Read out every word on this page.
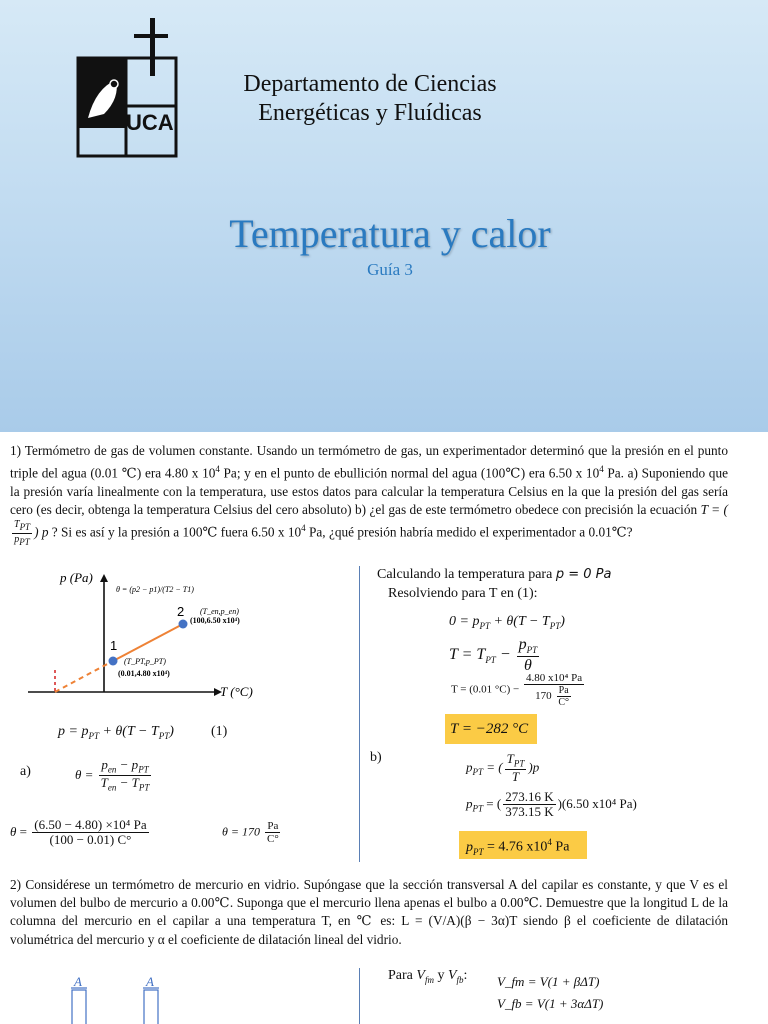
UCA
Departamento de Ciencias Energéticas y Fluídicas
Temperatura y calor
Guía 3
1) Termómetro de gas de volumen constante. Usando un termómetro de gas, un experimentador determinó que la presión en el punto triple del agua (0.01 ℃) era 4.80 x $10^4$ Pa; y en el punto de ebullición normal del agua (100℃) era 6.50 x $10^4$ Pa. a) Suponiendo que la presión varía linealmente con la temperatura, use estos datos para calcular la temperatura Celsius en la que la presión del gas sería cero (es decir, obtenga la temperatura Celsius del cero absoluto) b) ¿el gas de este termómetro obedece con precisión la ecuación T = (
$\frac{T_{PT}}{p_{PT}}$ ) p ? Si es así y la presión a 100℃ fuera 6.50 x $10^4$ Pa, ¿qué presión habría medido el experimentador a 0.01℃?
p (Pa)
T (°C)
1
2
(T_PT,p_PT)
(0.01,4.80 x10⁴)
(T_en,p_en)
(100,6.50 x10⁴)
θ = (p2 − p1)/(T2 − T1)
$p = p_{PT} + \theta(T - T_{PT})$	(1)
a)	$\theta = \frac{p_{en} - p_{PT}}{T_{en} - T_{PT}}$
$\theta = \frac{\text{(6.50 − 4.80) ×10⁴ Pa}}{(100 - 0.01) C^\circ}$	$\theta = 170 \frac{Pa}{C^\circ}$
Calculando la temperatura para p = 0 Pa
Resolviendo para T en (1):
$0 = p_{PT} + \theta(T - T_{PT})$
$T = T_{PT} - \frac{p_{PT}}{\theta}$
T = (0.01 $^\circ C) - \frac{\text{4.80 x10⁴ Pa}}{170 \frac{Pa}{C^\circ}}$
T = −282 °C
b)
$p_{PT}$ = ( $\frac{T_{PT}}{T} )p$
$p_{PT}$ = ( $\frac{273.16 K}{373.15 K} )(6.50$ x10⁴ Pa)
$p_{PT} = 4.76$ $x10^4$ Pa
2) Considérese un termómetro de mercurio en vidrio. Supóngase que la sección transversal A del capilar es constante, y que V es el volumen del bulbo de mercurio a 0.00℃. Suponga que el mercurio llena apenas el bulbo a 0.00℃. Demuestre que la longitud L de la columna del mercurio en el capilar a una temperatura T, en ℃ es: L = (V/A)(β − 3α)T siendo β el coeficiente de dilatación volumétrica del mercurio y α el coeficiente de dilatación lineal del vidrio.
A	A	Para $V_{fm}$ y $V_{fb}$: V_fm = V(1 + βΔT)
V_fb = V(1 + 3αΔT)
